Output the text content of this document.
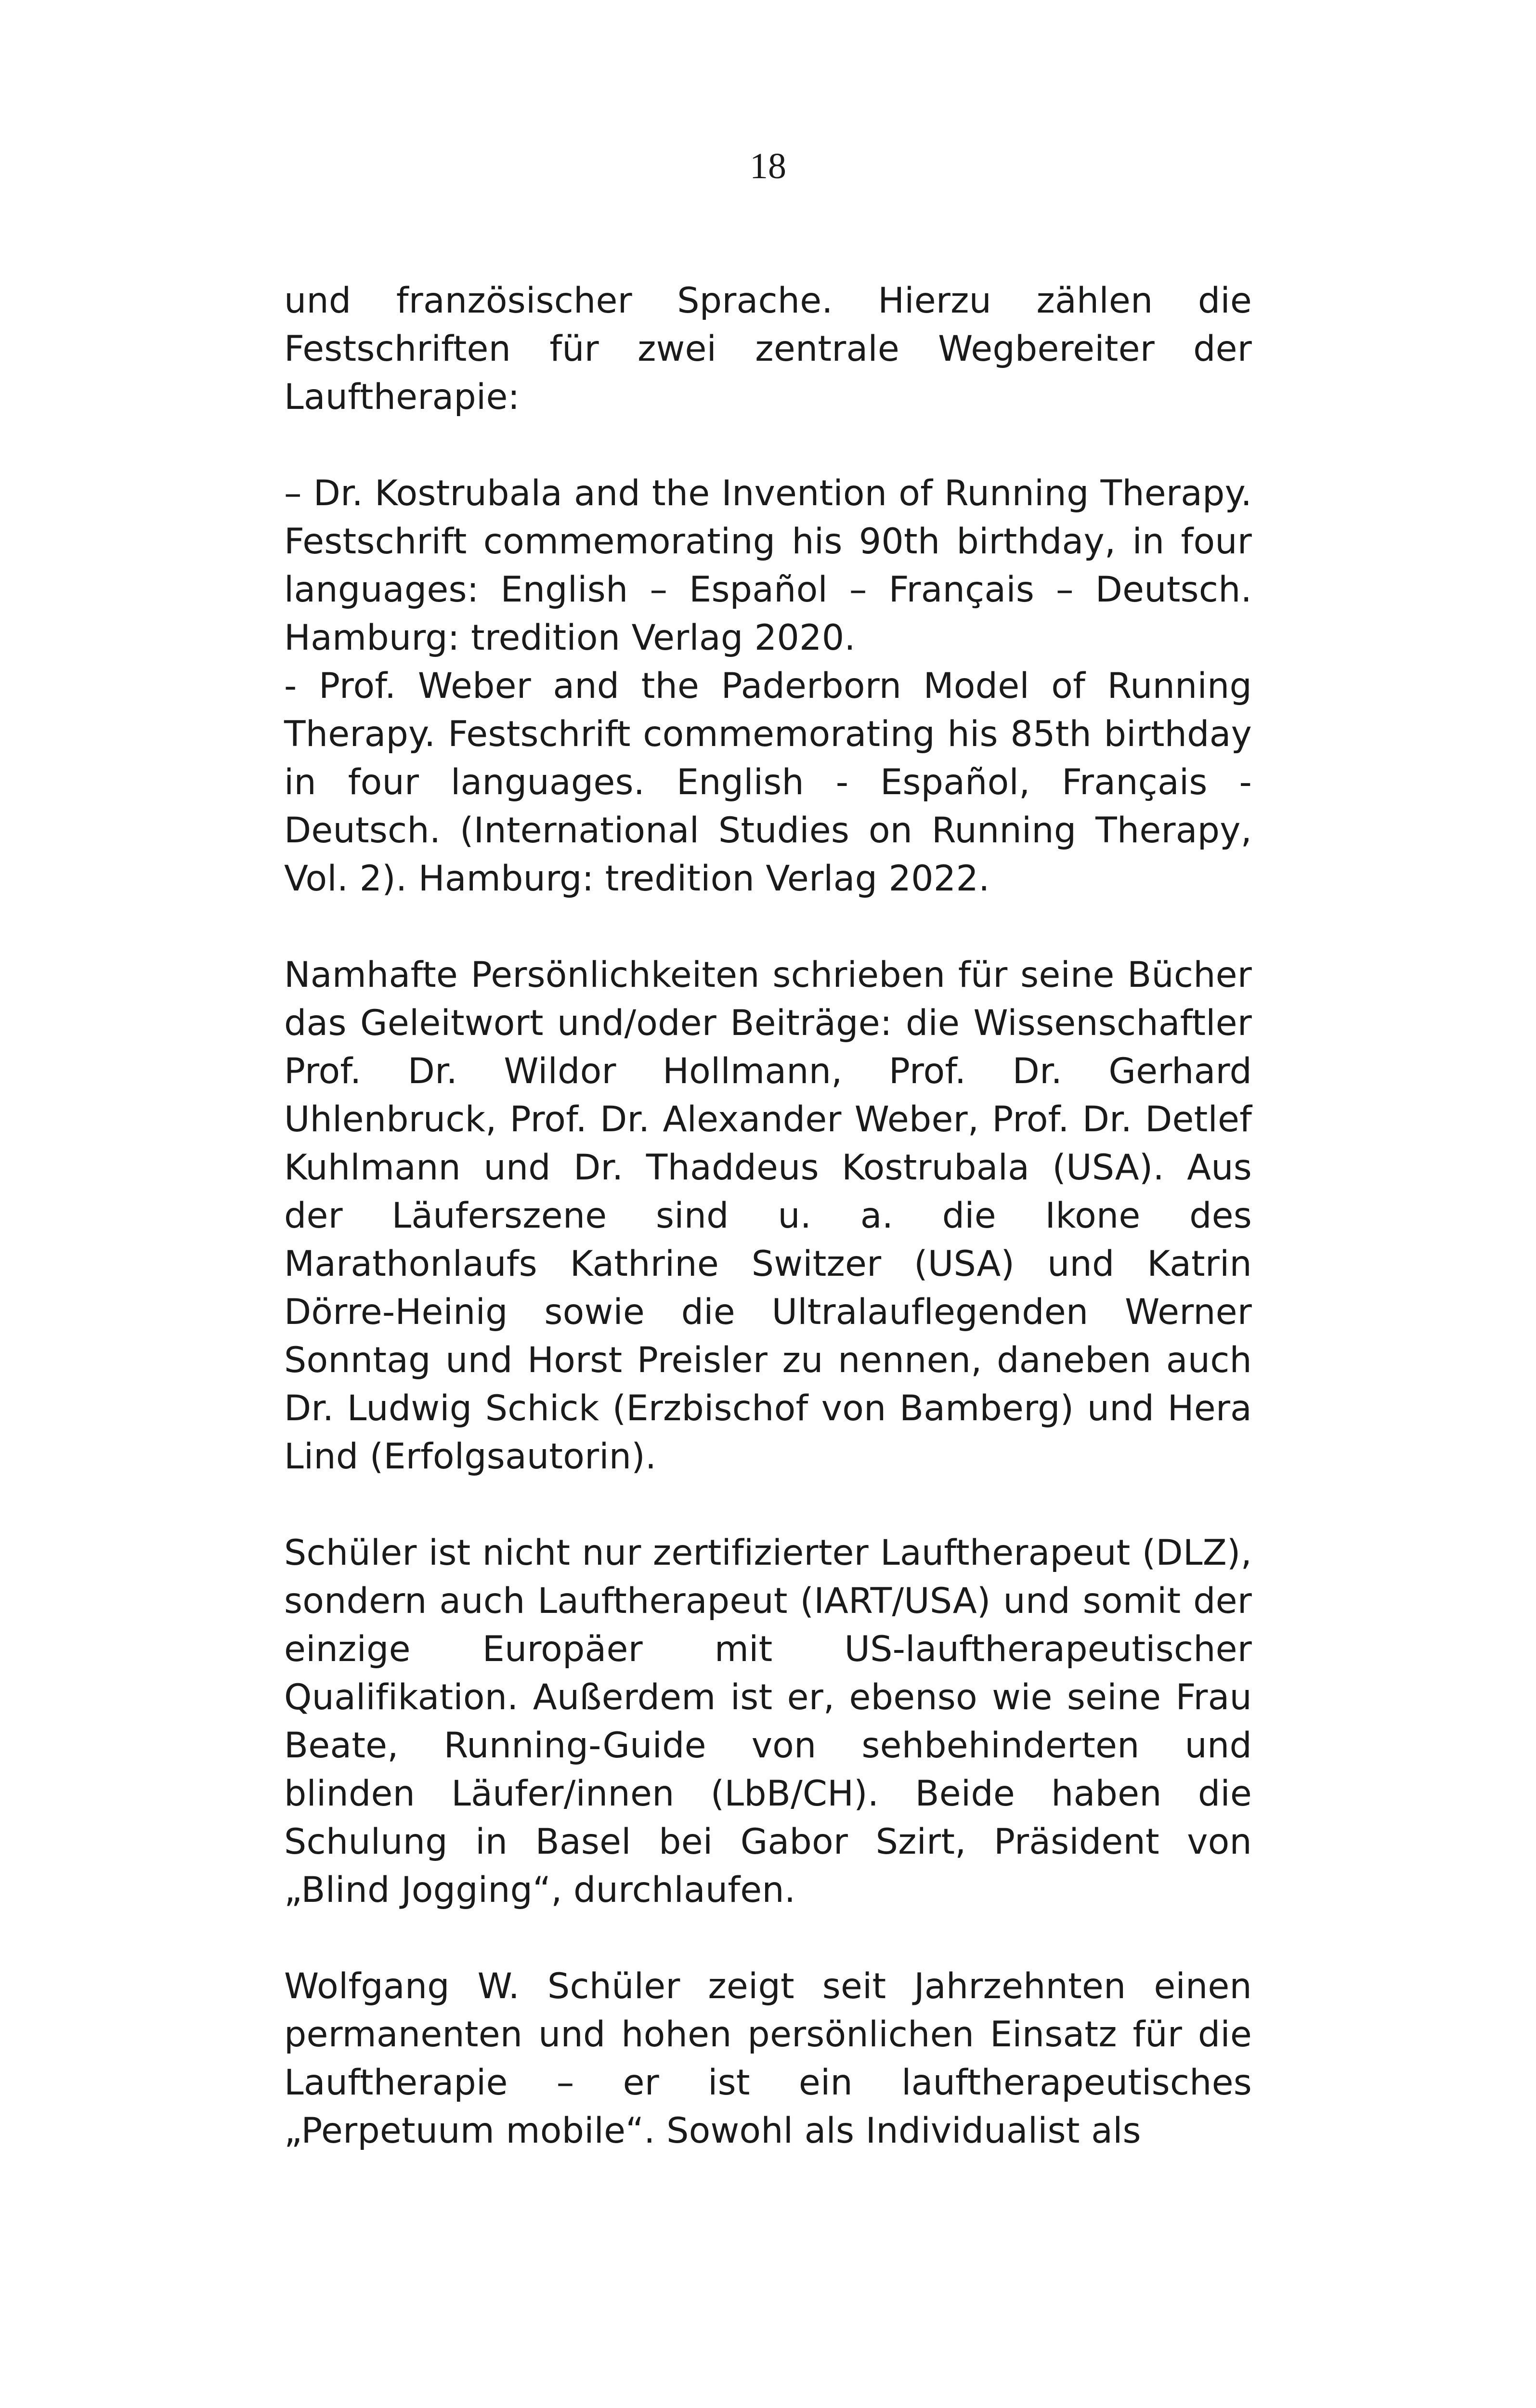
18

und französischer Sprache. Hierzu zählen die Festschriften für zwei zentrale Wegbereiter der Lauftherapie:

– Dr. Kostrubala and the Invention of Running Therapy. Festschrift commemorating his 90th birthday, in four languages: English – Español – Français – Deutsch. Hamburg: tredition Verlag 2020.
- Prof. Weber and the Paderborn Model of Running Therapy. Festschrift commemorating his 85th birthday in four languages. English - Español, Français - Deutsch. (International Studies on Running Therapy, Vol. 2). Hamburg: tredition Verlag 2022.

Namhafte Persönlichkeiten schrieben für seine Bücher das Geleitwort und/oder Beiträge: die Wissenschaftler Prof. Dr. Wildor Hollmann, Prof. Dr. Gerhard Uhlenbruck, Prof. Dr. Alexander Weber, Prof. Dr. Detlef Kuhlmann und Dr. Thaddeus Kostrubala (USA). Aus der Läuferszene sind u. a. die Ikone des Marathonlaufs Kathrine Switzer (USA) und Katrin Dörre-Heinig sowie die Ultralauflegenden Werner Sonntag und Horst Preisler zu nennen, daneben auch Dr. Ludwig Schick (Erzbischof von Bamberg) und Hera Lind (Erfolgsautorin).

Schüler ist nicht nur zertifizierter Lauftherapeut (DLZ), sondern auch Lauftherapeut (IART/USA) und somit der einzige Europäer mit US-lauftherapeutischer Qualifikation. Außerdem ist er, ebenso wie seine Frau Beate, Running-Guide von sehbehinderten und blinden Läufer/innen (LbB/CH). Beide haben die Schulung in Basel bei Gabor Szirt, Präsident von „Blind Jogging“, durchlaufen.

Wolfgang W. Schüler zeigt seit Jahrzehnten einen permanenten und hohen persönlichen Einsatz für die Lauftherapie – er ist ein lauftherapeutisches „Perpetuum mobile“. Sowohl als Individualist als
